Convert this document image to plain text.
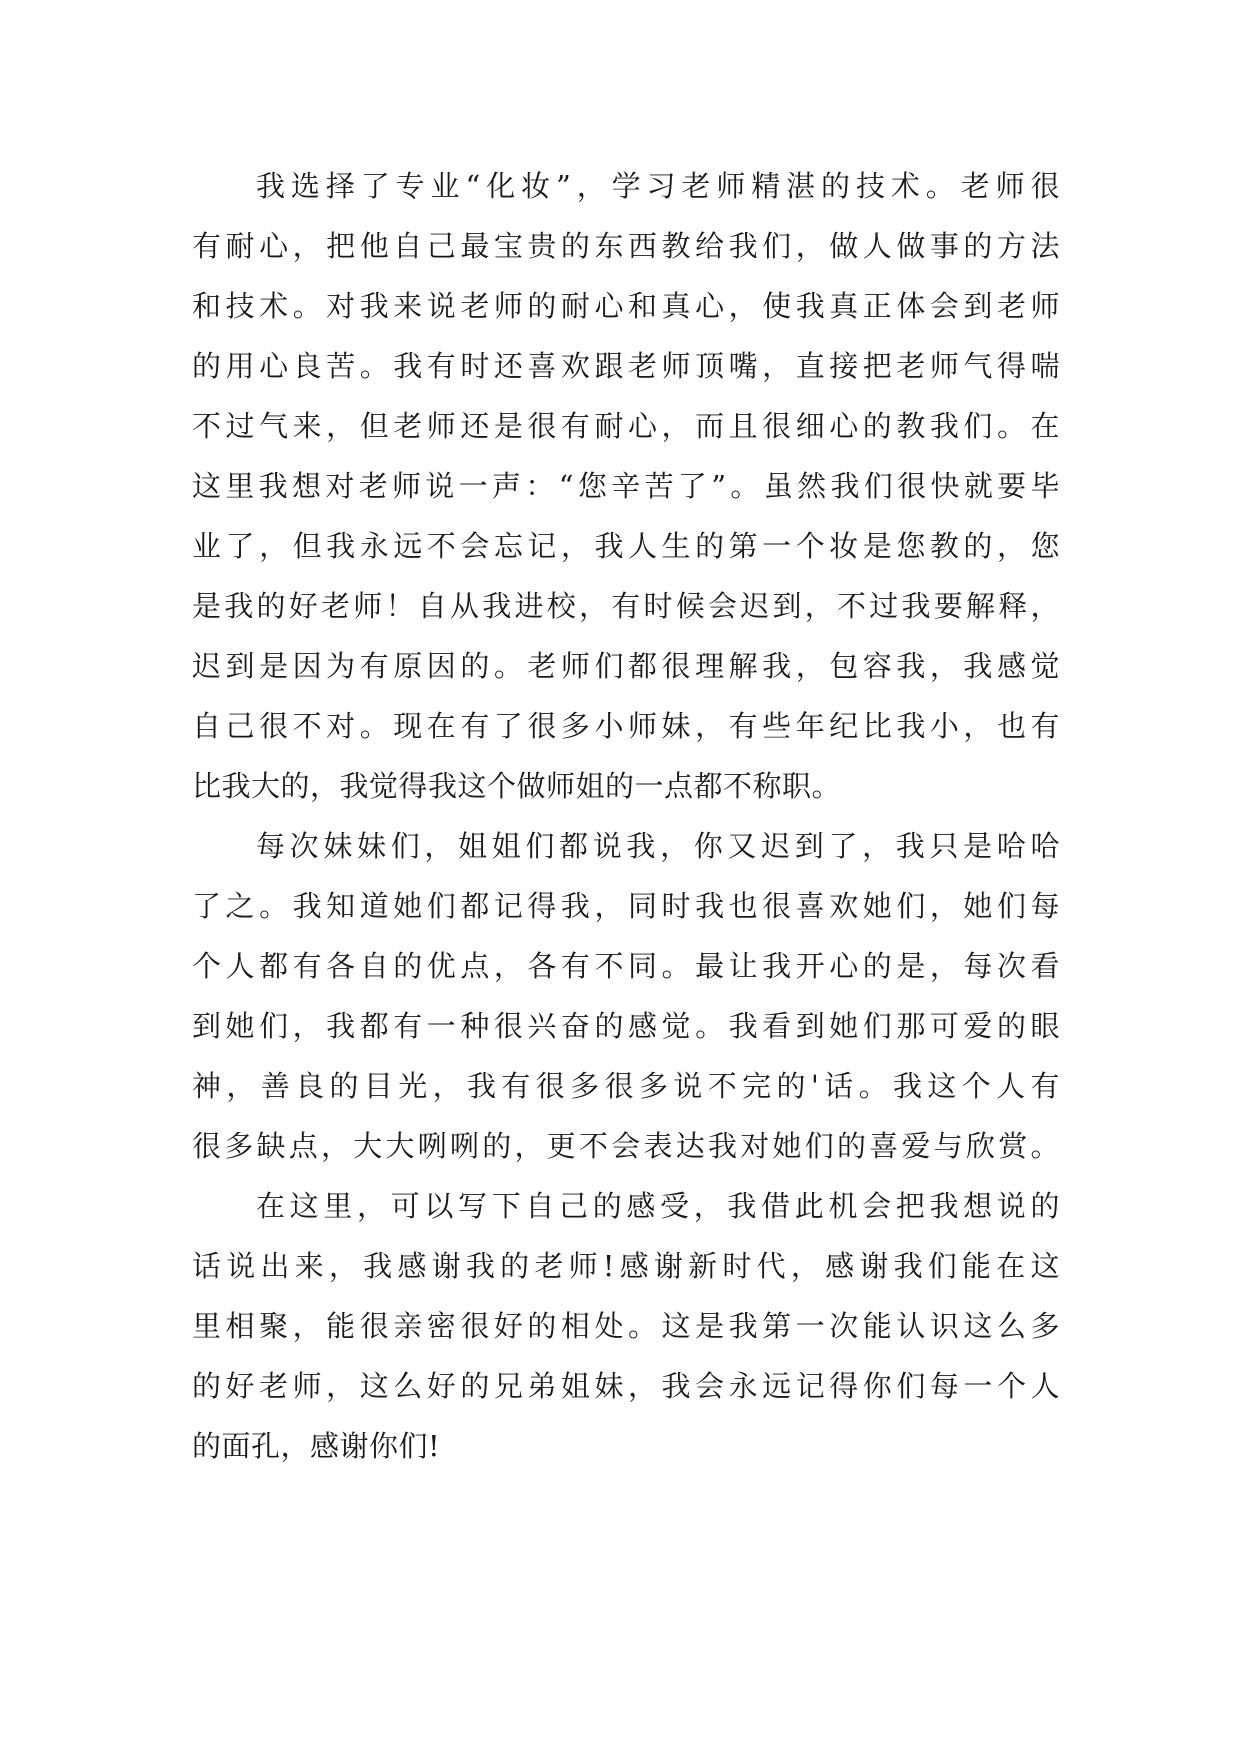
我选择了专业“化妆”，学习老师精湛的技术。老师很
有耐心，把他自己最宝贵的东西教给我们，做人做事的方法
和技术。对我来说老师的耐心和真心，使我真正体会到老师
的用心良苦。我有时还喜欢跟老师顶嘴，直接把老师气得喘
不过气来，但老师还是很有耐心，而且很细心的教我们。在
这里我想对老师说一声：“您辛苦了”。虽然我们很快就要毕
业了，但我永远不会忘记，我人生的第一个妆是您教的，您
是我的好老师！自从我进校，有时候会迟到，不过我要解释，
迟到是因为有原因的。老师们都很理解我，包容我，我感觉
自己很不对。现在有了很多小师妹，有些年纪比我小，也有
比我大的，我觉得我这个做师姐的一点都不称职。
每次妹妹们，姐姐们都说我，你又迟到了，我只是哈哈
了之。我知道她们都记得我，同时我也很喜欢她们，她们每
个人都有各自的优点，各有不同。最让我开心的是，每次看
到她们，我都有一种很兴奋的感觉。我看到她们那可爱的眼
神，善良的目光，我有很多很多说不完的'话。我这个人有
很多缺点，大大咧咧的，更不会表达我对她们的喜爱与欣赏。
在这里，可以写下自己的感受，我借此机会把我想说的
话说出来，我感谢我的老师!感谢新时代，感谢我们能在这
里相聚，能很亲密很好的相处。这是我第一次能认识这么多
的好老师，这么好的兄弟姐妹，我会永远记得你们每一个人
的面孔，感谢你们!
